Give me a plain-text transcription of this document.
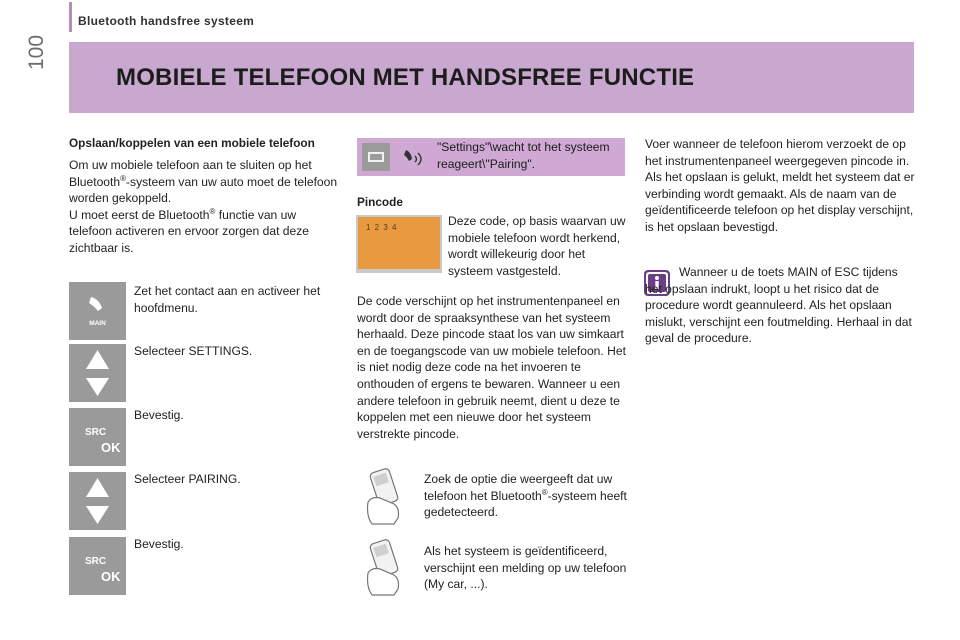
Bluetooth handsfree systeem
100
MOBIELE TELEFOON MET HANDSFREE FUNCTIE
Opslaan/koppelen van een mobiele telefoon
Om uw mobiele telefoon aan te sluiten op het Bluetooth®-systeem van uw auto moet de telefoon worden gekoppeld.
U moet eerst de Bluetooth® functie van uw telefoon activeren en ervoor zorgen dat deze zichtbaar is.
MAIN
Zet het contact aan en activeer het hoofdmenu.
Selecteer SETTINGS.
SRC
OK
Bevestig.
Selecteer PAIRING.
SRC
OK
Bevestig.
"Settings"\wacht tot het systeem reageert\"Pairing".
Pincode
1 2 3 4	Deze code, op basis waarvan uw mobiele telefoon wordt herkend, wordt willekeurig door het systeem vastgesteld.
De code verschijnt op het instrumentenpaneel en wordt door de spraaksynthese van het systeem herhaald. Deze pincode staat los van uw simkaart en de toegangscode van uw mobiele telefoon. Het is niet nodig deze code na het invoeren te onthouden of ergens te bewaren. Wanneer u een andere telefoon in gebruik neemt, dient u deze te koppelen met een nieuwe door het systeem verstrekte pincode.
Zoek de optie die weergeeft dat uw telefoon het Bluetooth®-systeem heeft gedetecteerd.
Als het systeem is geïdentificeerd, verschijnt een melding op uw telefoon (My car, ...).
Voer wanneer de telefoon hierom verzoekt de op het instrumentenpaneel weergegeven pincode in. Als het opslaan is gelukt, meldt het systeem dat er verbinding wordt gemaakt. Als de naam van de geïdentificeerde telefoon op het display verschijnt, is het opslaan bevestigd.
Wanneer u de toets MAIN of ESC tijdens het opslaan indrukt, loopt u het risico dat de procedure wordt geannuleerd. Als het opslaan mislukt, verschijnt een foutmelding. Herhaal in dat geval de procedure.
